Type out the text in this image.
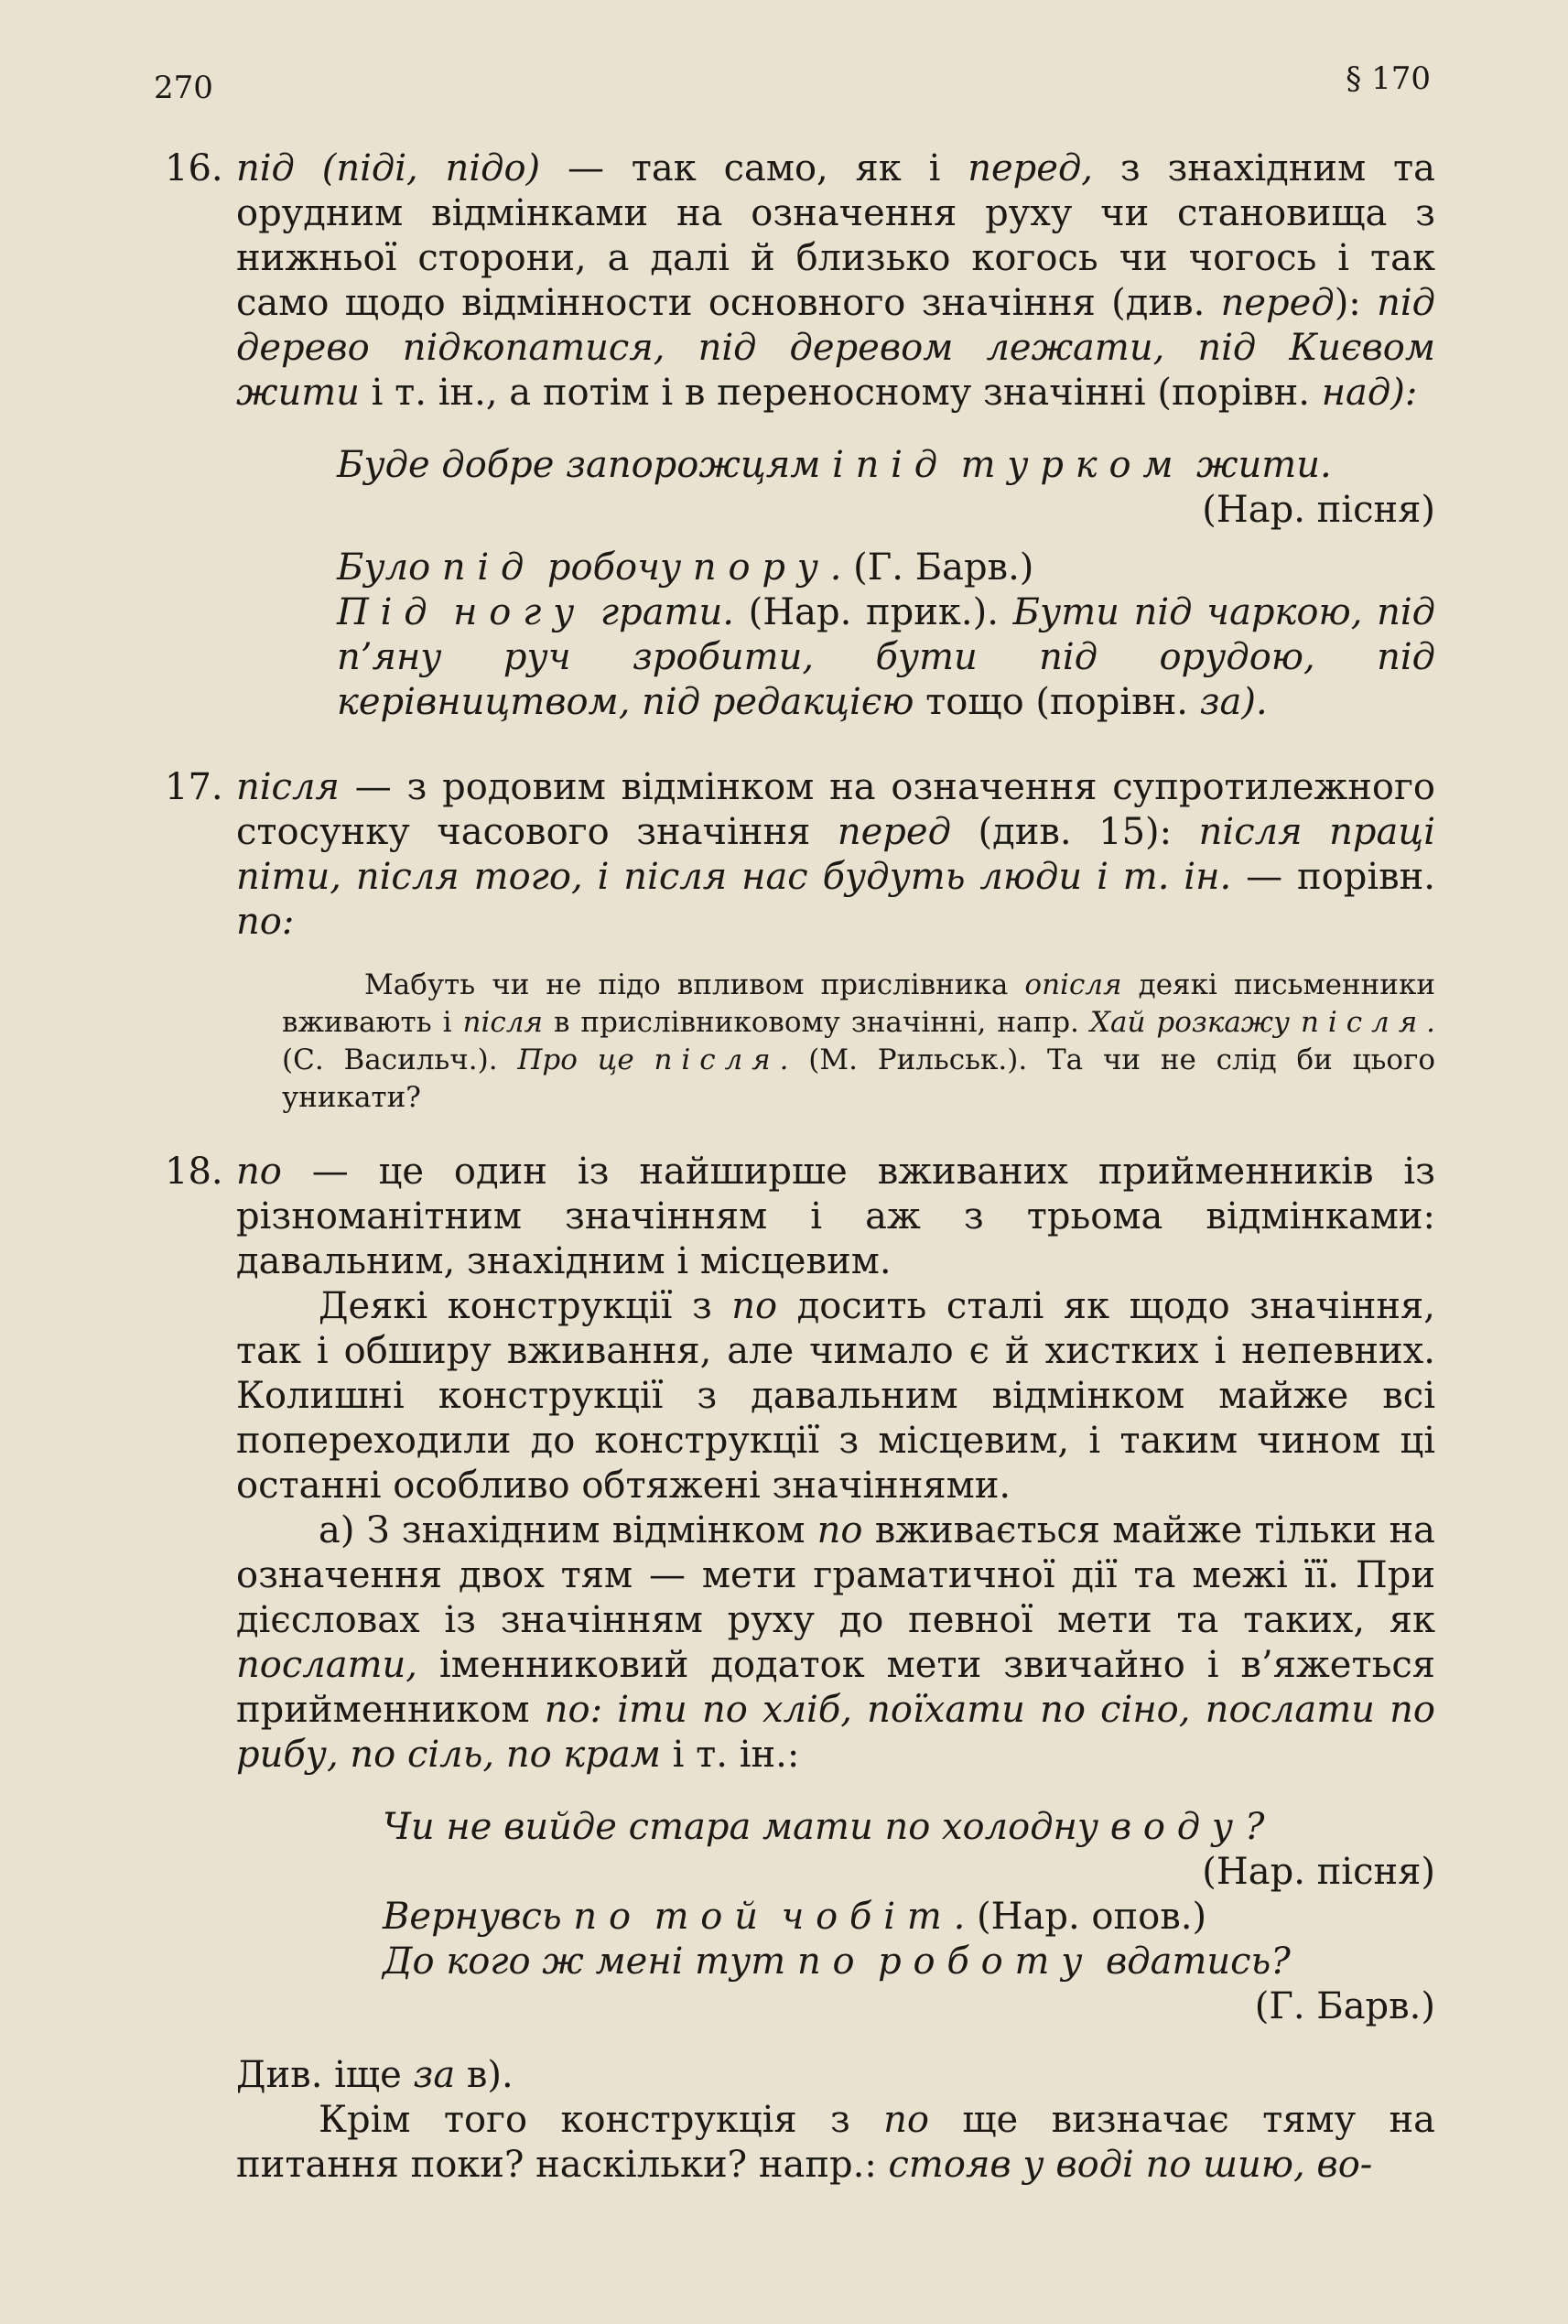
270	§ 170
16. під (піді, підо) — так само, як і перед, з знахідним та орудним відмінками на означення руху чи становища з нижньої сторони, а далі й близько когось чи чогось і так само щодо відмінности основного значіння (див. перед): під дерево підкопатися, під деревом лежати, під Києвом жити і т. ін., а потім і в переносному значінні (порівн. над):

Буде добре запорожцям і під турком жити.

(Нар. пісня)

Було під робочу пору. (Г. Барв.)

Під ногу грати. (Нар. прик.). Бути під чаркою, під п’яну руч зробити, бути під орудою, під керівництвом, під редакцією тощо (порівн. за).

17. після — з родовим відмінком на означення супротилежного стосунку часового значіння перед (див. 15): після праці піти, після того, і після нас будуть люди і т. ін. — порівн. по:

Мабуть чи не підо впливом прислівника опісля деякі письменники вживають і після в прислівниковому значінні, напр. Хай розкажу після. (С. Васильч.). Про це після. (М. Рильськ.). Та чи не слід би цього уникати?

18. по — це один із найширше вживаних прийменників із різноманітним значінням і аж з трьома відмінками: давальним, знахідним і місцевим.

Деякі конструкції з по досить сталі як щодо значіння, так і обширу вживання, але чимало є й хистких і непевних. Колишні конструкції з давальним відмінком майже всі попереходили до конструкції з місцевим, і таким чином ці останні особливо обтяжені значіннями.

а) З знахідним відмінком по вживається майже тільки на означення двох тям — мети граматичної дії та межі її. При дієсловах із значінням руху до певної мети та таких, як послати, іменниковий додаток мети звичайно і в’яжеться прийменником по: іти по хліб, поїхати по сіно, послати по рибу, по сіль, по крам і т. ін.:

Чи не вийде стара мати по холодну воду?

(Нар. пісня)

Вернувсь по той чобіт. (Нар. опов.)

До кого ж мені тут по роботу вдатись?

(Г. Барв.)

Див. іще за в).

Крім того конструкція з по ще визначає тяму на питання поки? наскільки? напр.: стояв у воді по шию, во-
